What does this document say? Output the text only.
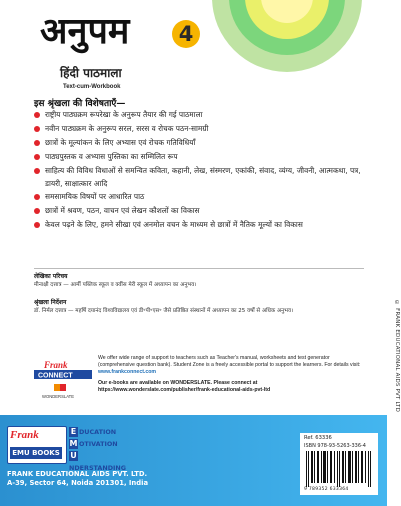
© FRANK EDUCATIONAL AIDS PVT LTD
अनुपम	4
हिंदी पाठमाला
Text-cum-Workbook
इस श्रृंखला की विशेषताएँ—
राष्ट्रीय पाठ्यक्रम रूपरेखा के अनुरूप तैयार की गई पाठमाला
नवीन पाठ्यक्रम के अनुरूप सरल, सरस व रोचक पठन-सामग्री
छात्रों के मूल्यांकन के लिए अभ्यास एवं रोचक गतिविधियाँ
पाठ्यपुस्तक व अभ्यास पुस्तिका का सम्मिलित रूप
साहित्य की विविध विधाओं से समन्वित कविता, कहानी, लेख, संस्मरण, एकांकी, संवाद, व्यंग्य, जीवनी, आत्मकथा, पत्र, डायरी, साक्षात्कार आदि
समसामयिक विषयों पर आधारित पाठ
छात्रों में श्रवण, पठन, वाचन एवं लेखन कौशलों का विकास
केवल पढ़ने के लिए, हमने सीखा एवं अनमोल वचन के माध्यम से छात्रों में नैतिक मूल्यों का विकास
लेखिका परिचय
मीनाक्षी दत्तात्र — आर्मी पब्लिक स्कूल व क्वींस मेरी स्कूल में अध्यापन का अनुभव।
श्रृंखला निर्देशन
डॉ. निर्मल दत्तात्र — महर्षि दयानंद विश्वविद्यालय एवं डी॰पी॰एस॰ जैसे प्रतिष्ठित संस्थानों में अध्यापन का 25 वर्षों से अधिक अनुभव।
Frank
CONNECT
WONDERSLATE
We offer wide range of support to teachers such as Teacher's manual, worksheets and test generator (comprehensive question bank). Student Zone is a freely accessible portal to support the learners. For details visit: www.frankconnect.com
Our e-books are available on WONDERSLATE. Please connect at
https://www.wonderslate.com/publisher/frank-educational-aids-pvt-ltd
Frank
EMU BOOKS
E DUCATION
M OTIVATION
UNDERSTANDING
FRANK EDUCATIONAL AIDS PVT. LTD.
A-39, Sector 64, Noida 201301, India
Ref. 63336
ISBN 978-93-5263-336-4
9 789352 633364
